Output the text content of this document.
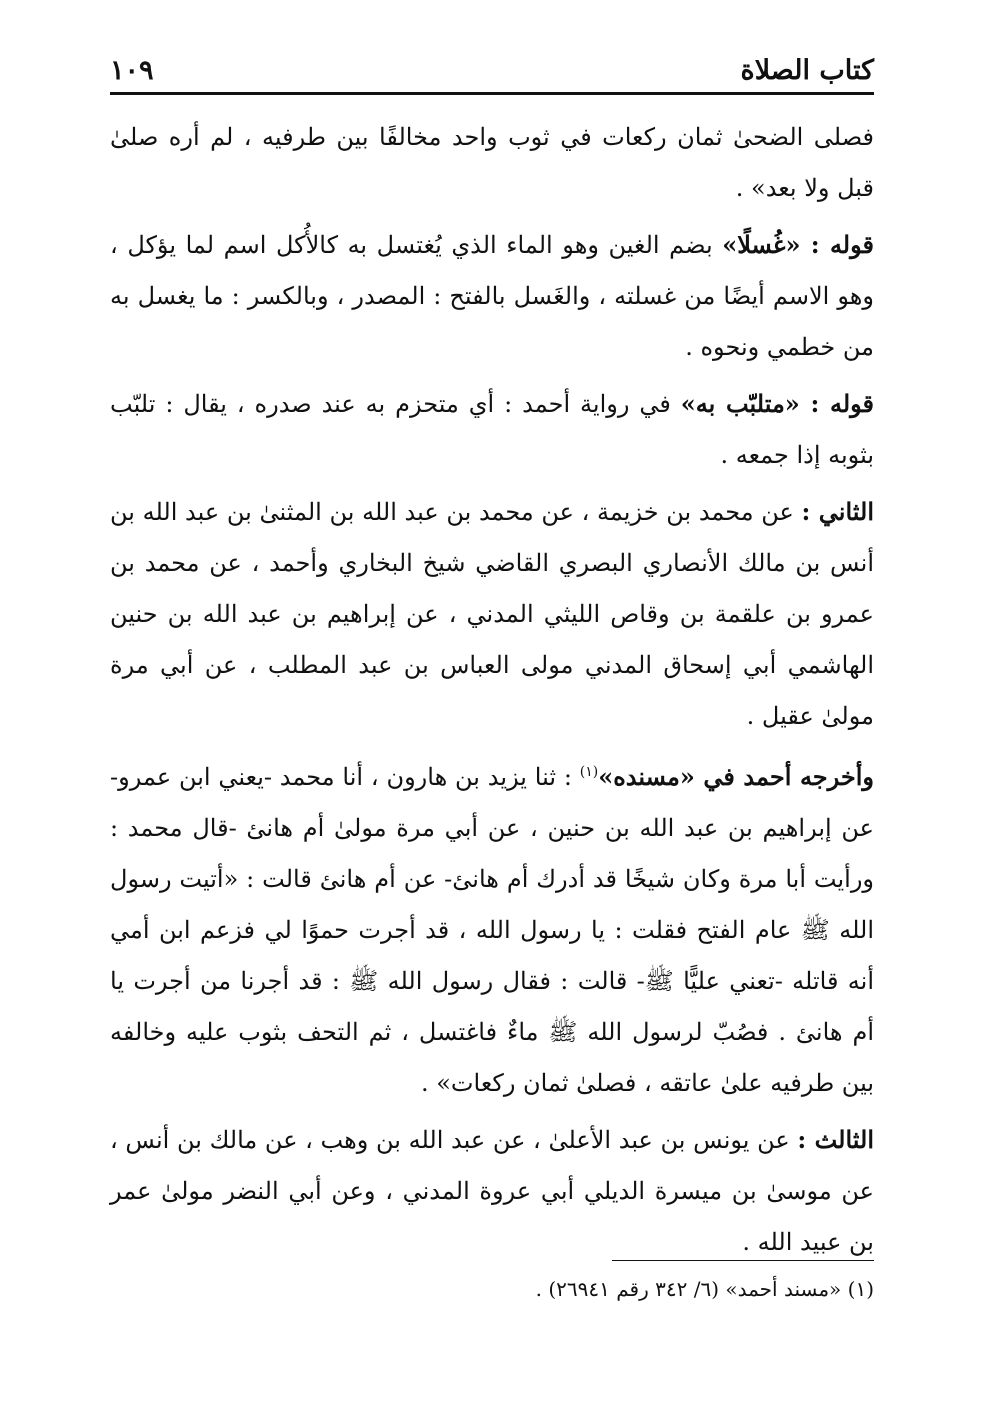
كتاب الصلاة
١٠٩

فصلى الضحىٰ ثمان ركعات في ثوب واحد مخالفًا بين طرفيه ، لم أره صلىٰ قبل ولا بعد» .

قوله : «غُسلًا» بضم الغين وهو الماء الذي يُغتسل به كالأُكل اسم لما يؤكل ، وهو الاسم أيضًا من غسلته ، والغَسل بالفتح : المصدر ، وبالكسر : ما يغسل به من خطمي ونحوه .

قوله : «متلبّب به» في رواية أحمد : أي متحزم به عند صدره ، يقال : تلبّب بثوبه إذا جمعه .

الثاني : عن محمد بن خزيمة ، عن محمد بن عبد الله بن المثنىٰ بن عبد الله بن أنس بن مالك الأنصاري البصري القاضي شيخ البخاري وأحمد ، عن محمد بن عمرو بن علقمة بن وقاص الليثي المدني ، عن إبراهيم بن عبد الله بن حنين الهاشمي أبي إسحاق المدني مولى العباس بن عبد المطلب ، عن أبي مرة مولىٰ عقيل .

وأخرجه أحمد في «مسنده»$^{(١)}$ : ثنا يزيد بن هارون ، أنا محمد -يعني ابن عمرو- عن إبراهيم بن عبد الله بن حنين ، عن أبي مرة مولىٰ أم هانئ -قال محمد : ورأيت أبا مرة وكان شيخًا قد أدرك أم هانئ- عن أم هانئ قالت : «أتيت رسول الله ﷺ عام الفتح فقلت : يا رسول الله ، قد أجرت حموًا لي فزعم ابن أمي أنه قاتله -تعني عليًّا ﷺ- قالت : فقال رسول الله ﷺ : قد أجرنا من أجرت يا أم هانئ . فصُبّ لرسول الله ﷺ ماءٌ فاغتسل ، ثم التحف بثوب عليه وخالفه بين طرفيه علىٰ عاتقه ، فصلىٰ ثمان ركعات» .

الثالث : عن يونس بن عبد الأعلىٰ ، عن عبد الله بن وهب ، عن مالك بن أنس ، عن موسىٰ بن ميسرة الديلي أبي عروة المدني ، وعن أبي النضر مولىٰ عمر بن عبيد الله .

(١) «مسند أحمد» (٦/ ٣٤٢ رقم ٢٦٩٤١) .
